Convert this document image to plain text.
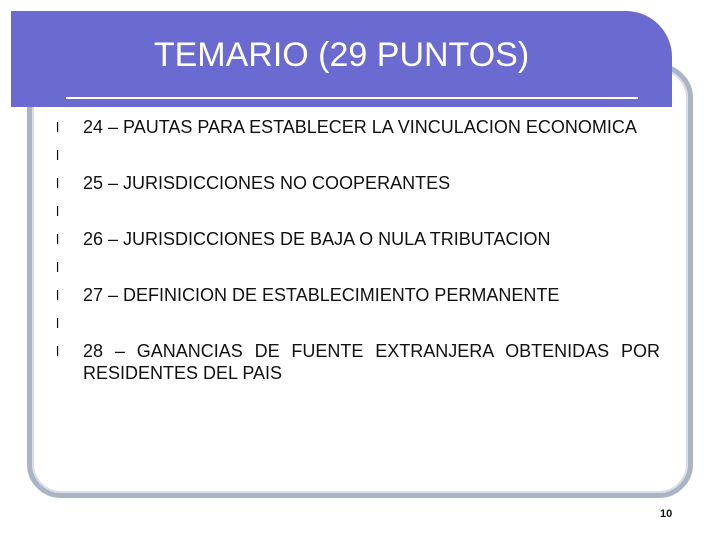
TEMARIO (29 PUNTOS)
l 24 – PAUTAS PARA ESTABLECER LA VINCULACION ECONOMICA
l

l 25 – JURISDICCIONES NO COOPERANTES
l

l 26 – JURISDICCIONES DE BAJA O NULA TRIBUTACION
l

l 27 – DEFINICION DE ESTABLECIMIENTO PERMANENTE
l

l 28 – GANANCIAS DE FUENTE EXTRANJERA OBTENIDAS POR RESIDENTES DEL PAIS
10
